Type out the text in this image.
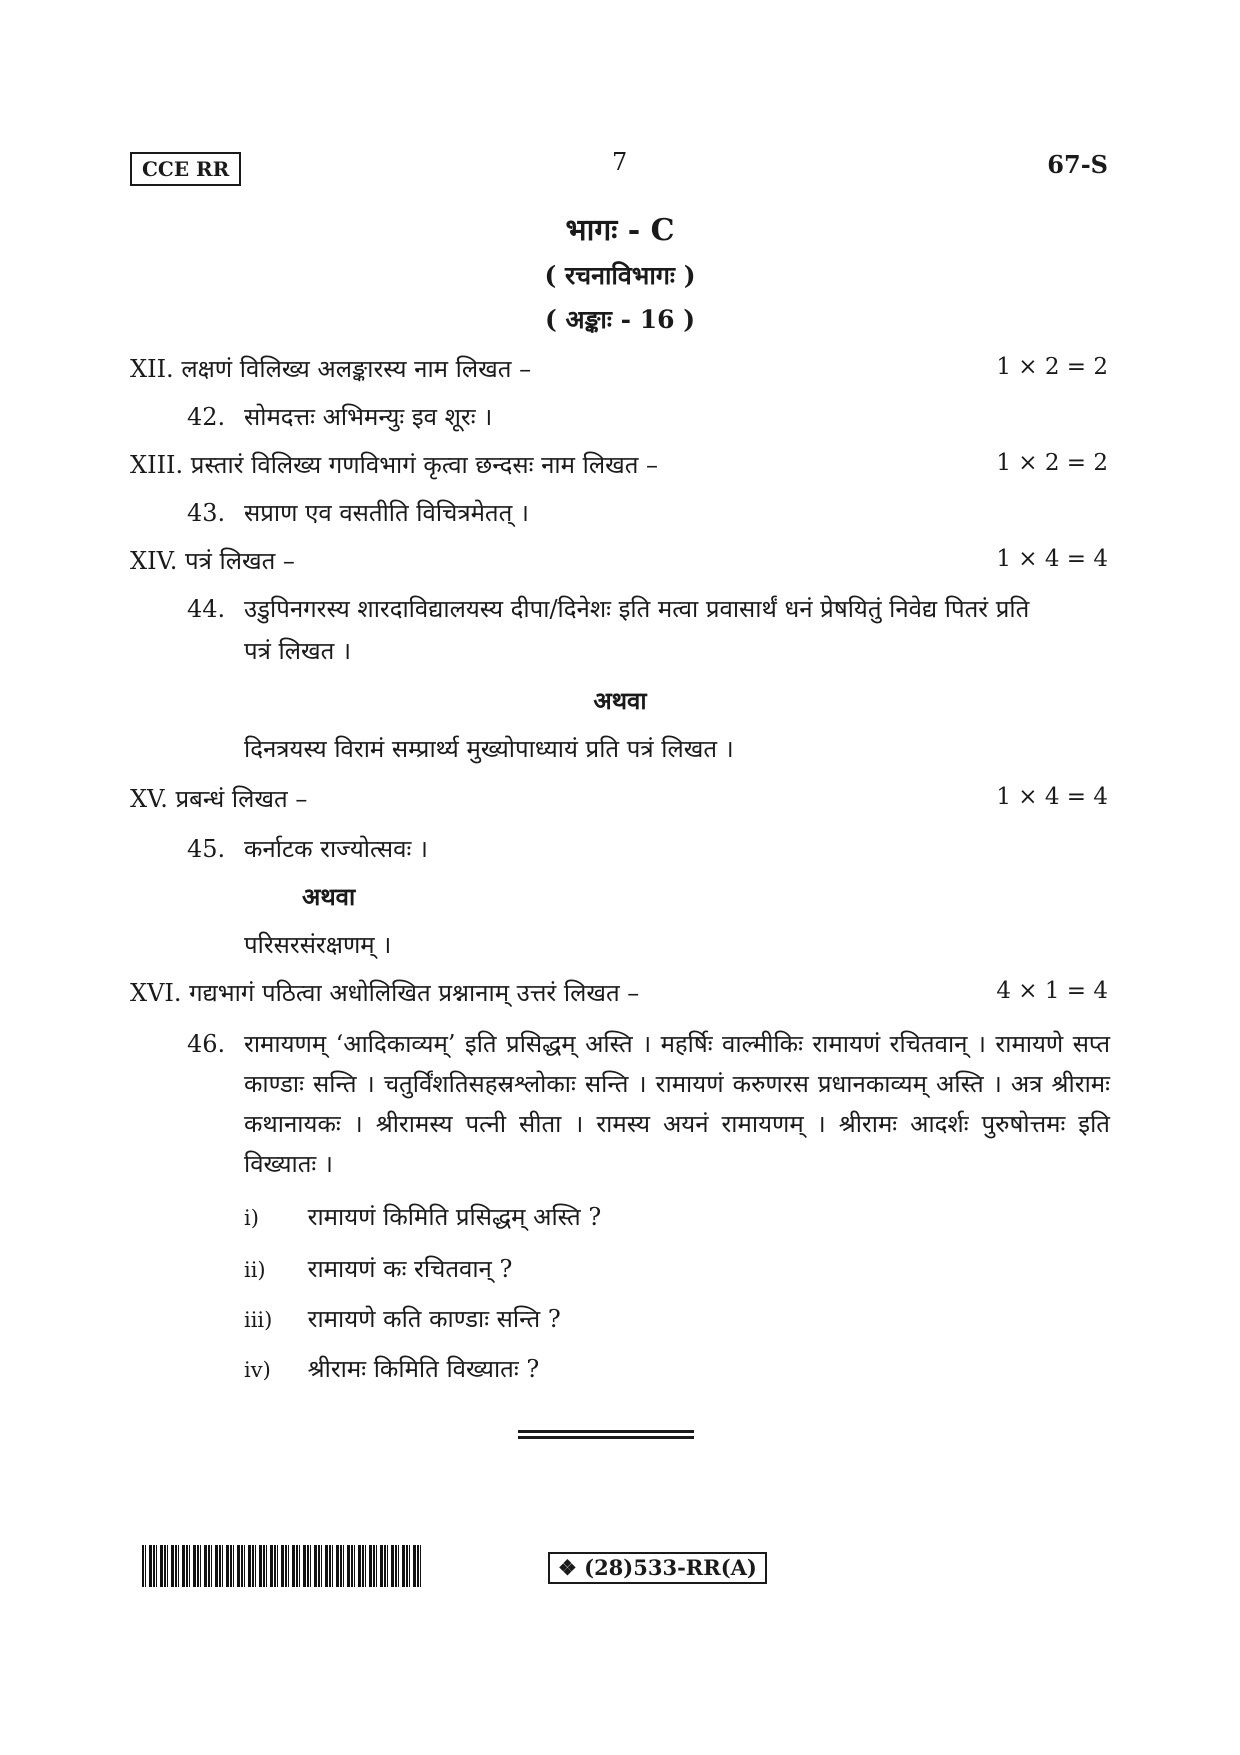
CCE RR	7	67-S
भागः - C
( रचनाविभागः )
( अङ्काः - 16 )
XII. लक्षणं विलिख्य अलङ्कारस्य नाम लिखत –	1 × 2 = 2
42. सोमदत्तः अभिमन्युः इव शूरः ।
XIII. प्रस्तारं विलिख्य गणविभागं कृत्वा छन्दसः नाम लिखत –	1 × 2 = 2
43. सप्राण एव वसतीति विचित्रमेतत् ।
XIV. पत्रं लिखत –	1 × 4 = 4
44. उडुपिनगरस्य शारदाविद्यालयस्य दीपा/दिनेशः इति मत्वा प्रवासार्थं धनं प्रेषयितुं निवेद्य पितरं प्रति
पत्रं लिखत ।
अथवा
दिनत्रयस्य विरामं सम्प्रार्थ्य मुख्योपाध्यायं प्रति पत्रं लिखत ।
XV. प्रबन्धं लिखत –	1 × 4 = 4
45. कर्नाटक राज्योत्सवः ।
अथवा
परिसरसंरक्षणम् ।
XVI. गद्यभागं पठित्वा अधोलिखित प्रश्नानाम् उत्तरं लिखत –	4 × 1 = 4
46. रामायणम् ‘आदिकाव्यम्’ इति प्रसिद्धम् अस्ति । महर्षिः वाल्मीकिः रामायणं रचितवान् । रामायणे सप्त काण्डाः सन्ति । चतुर्विंशतिसहस्रश्लोकाः सन्ति । रामायणं करुणरस प्रधानकाव्यम् अस्ति । अत्र श्रीरामः कथानायकः । श्रीरामस्य पत्नी सीता । रामस्य अयनं रामायणम् । श्रीरामः आदर्शः पुरुषोत्तमः इति विख्यातः ।
i) रामायणं किमिति प्रसिद्धम् अस्ति ?
ii) रामायणं कः रचितवान् ?
iii) रामायणे कति काण्डाः सन्ति ?
iv) श्रीरामः किमिति विख्यातः ?
❖ (28)533-RR(A)
